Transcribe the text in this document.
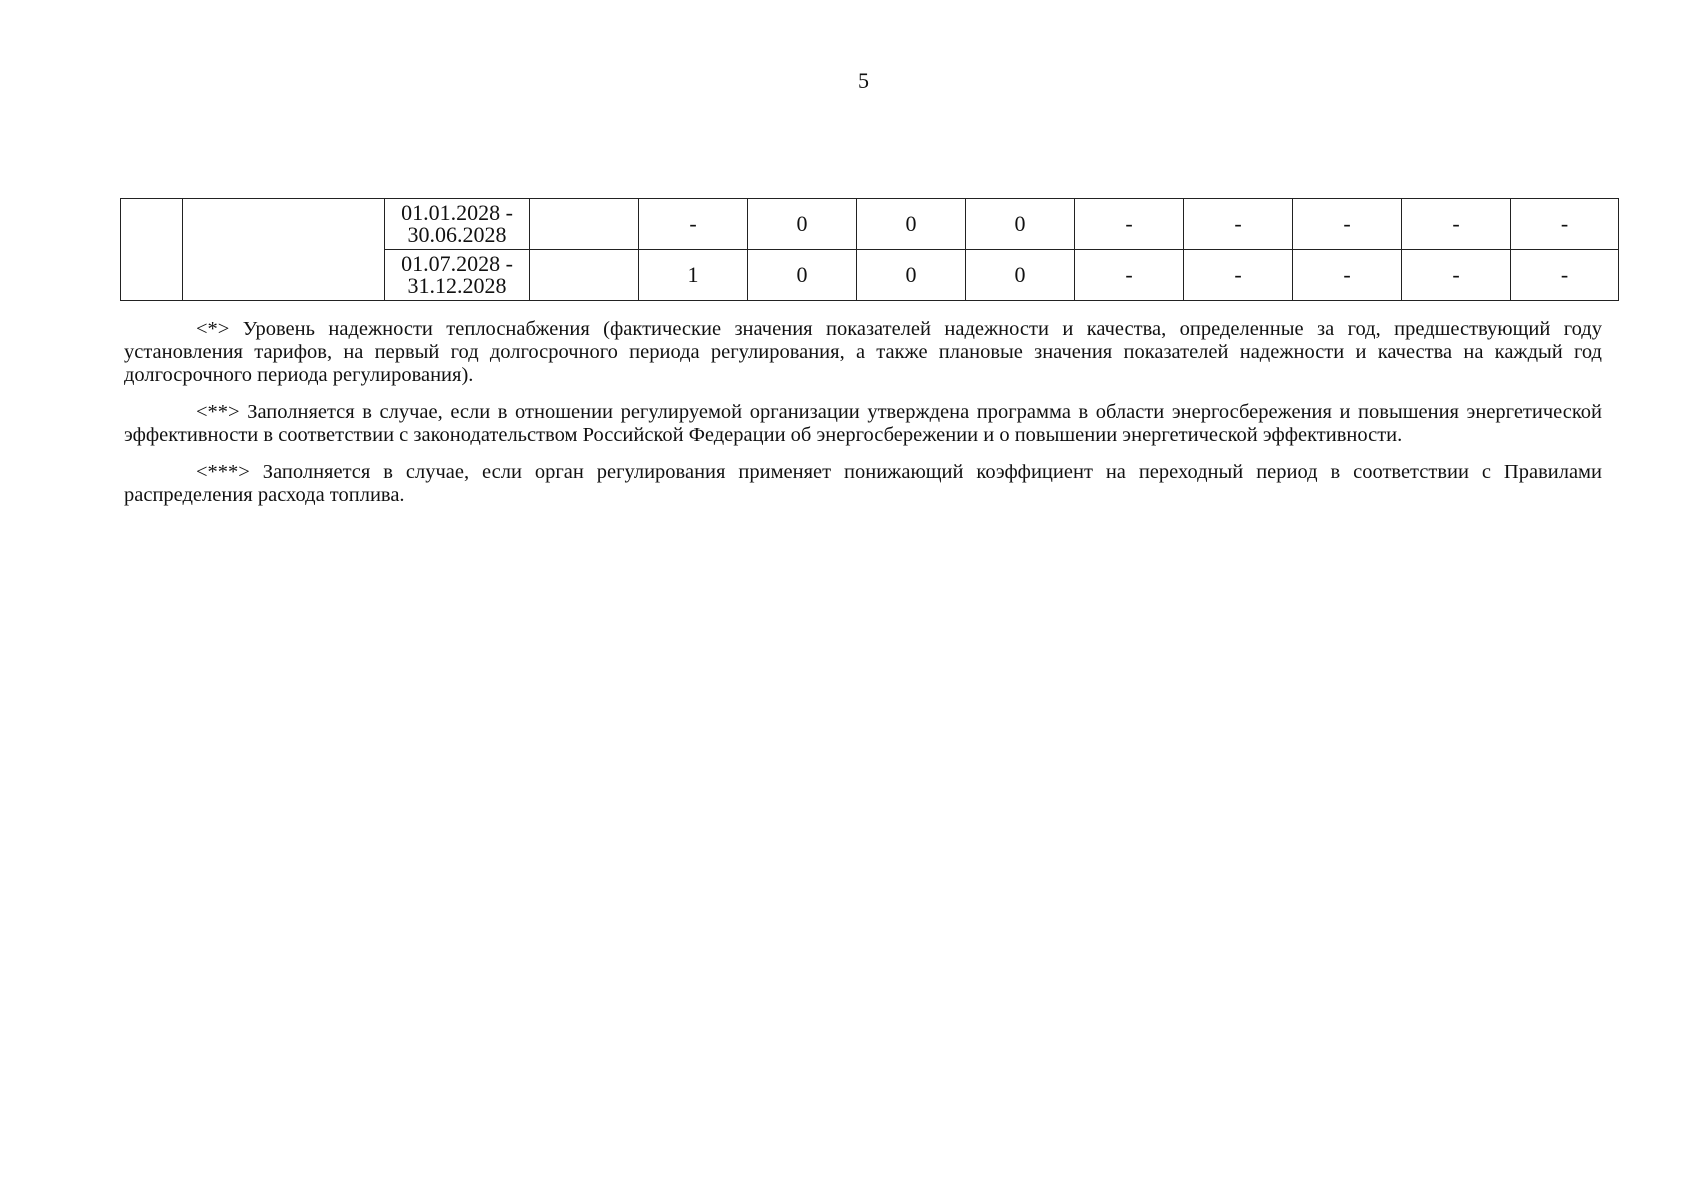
5
		01.01.2028 -
30.06.2028		-	0	0	0	-	-	-	-	-
		01.07.2028 -
31.12.2028		1	0	0	0	-	-	-	-	-

<*> Уровень надежности теплоснабжения (фактические значения показателей надежности и качества, определенные за год, предшествующий году установления тарифов, на первый год долгосрочного периода регулирования, а также плановые значения показателей надежности и качества на каждый год долгосрочного периода регулирования).

<**> Заполняется в случае, если в отношении регулируемой организации утверждена программа в области энергосбережения и повышения энергетической эффективности в соответствии с законодательством Российской Федерации об энергосбережении и о повышении энергетической эффективности.

<***> Заполняется в случае, если орган регулирования применяет понижающий коэффициент на переходный период в соответствии с Правилами распределения расхода топлива.
